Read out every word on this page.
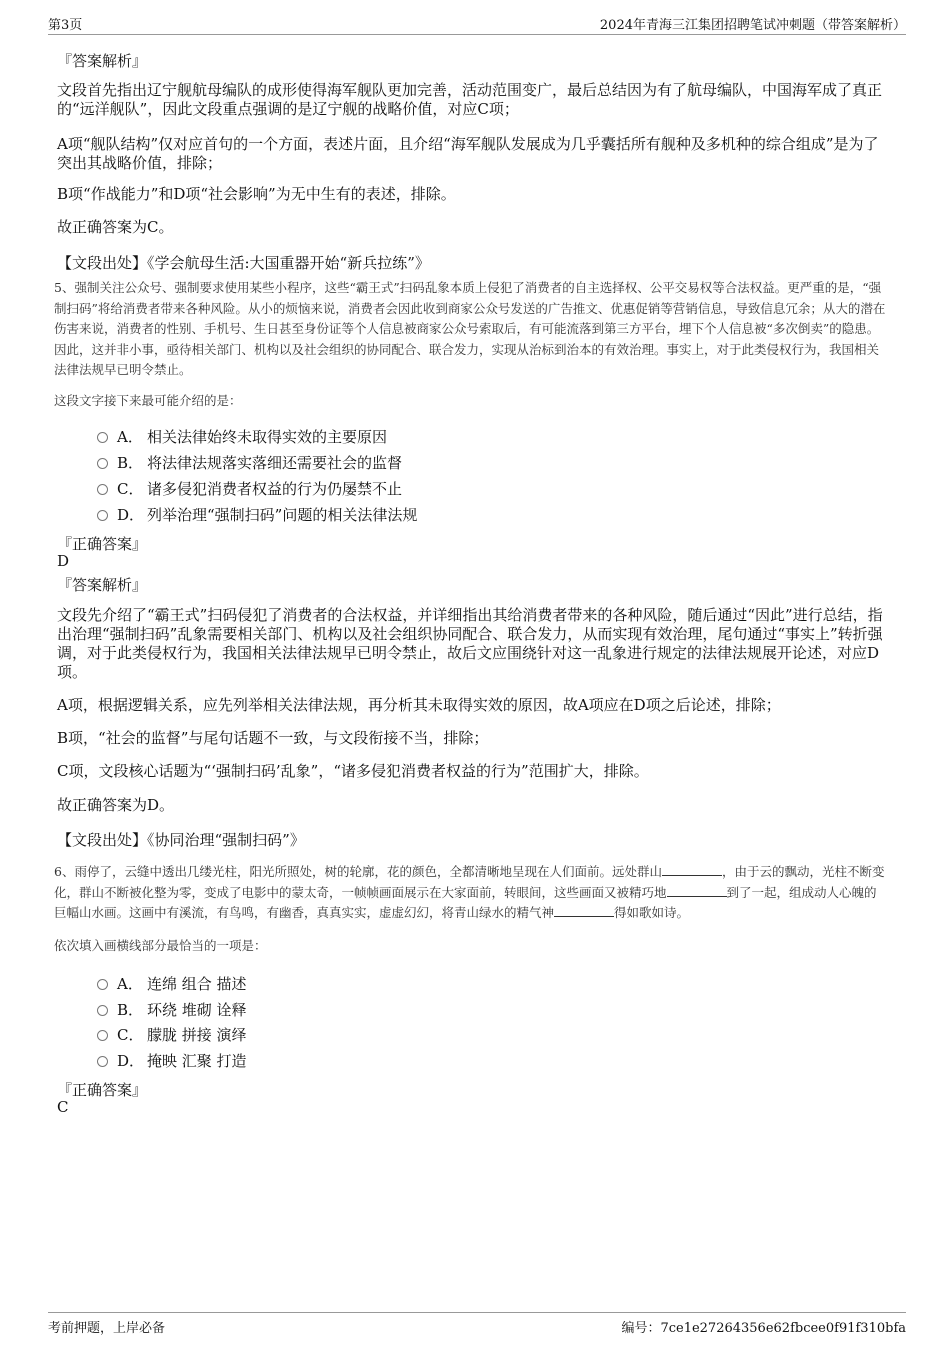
第3页	2024年青海三江集团招聘笔试冲刺题（带答案解析）
『答案解析』
文段首先指出辽宁舰航母编队的成形使得海军舰队更加完善，活动范围变广，最后总结因为有了航母编队，中国海军成了真正的“远洋舰队”，因此文段重点强调的是辽宁舰的战略价值，对应C项；
A项“舰队结构”仅对应首句的一个方面，表述片面，且介绍“海军舰队发展成为几乎囊括所有舰种及多机种的综合组成”是为了突出其战略价值，排除；
B项“作战能力”和D项“社会影响”为无中生有的表述，排除。
故正确答案为C。
【文段出处】《学会航母生活:大国重器开始“新兵拉练”》
5、强制关注公众号、强制要求使用某些小程序，这些“霸王式”扫码乱象本质上侵犯了消费者的自主选择权、公平交易权等合法权益。更严重的是，“强制扫码”将给消费者带来各种风险。从小的烦恼来说，消费者会因此收到商家公众号发送的广告推文、优惠促销等营销信息，导致信息冗余；从大的潜在伤害来说，消费者的性别、手机号、生日甚至身份证等个人信息被商家公众号索取后，有可能流落到第三方平台，埋下个人信息被“多次倒卖”的隐患。因此，这并非小事，亟待相关部门、机构以及社会组织的协同配合、联合发力，实现从治标到治本的有效治理。事实上，对于此类侵权行为，我国相关法律法规早已明令禁止。
这段文字接下来最可能介绍的是：
A． 相关法律始终未取得实效的主要原因
B． 将法律法规落实落细还需要社会的监督
C． 诸多侵犯消费者权益的行为仍屡禁不止
D． 列举治理“强制扫码”问题的相关法律法规
『正确答案』
D
『答案解析』
文段先介绍了“霸王式”扫码侵犯了消费者的合法权益，并详细指出其给消费者带来的各种风险，随后通过“因此”进行总结，指出治理“强制扫码”乱象需要相关部门、机构以及社会组织协同配合、联合发力，从而实现有效治理，尾句通过“事实上”转折强调，对于此类侵权行为，我国相关法律法规早已明令禁止，故后文应围绕针对这一乱象进行规定的法律法规展开论述，对应D项。
A项，根据逻辑关系，应先列举相关法律法规，再分析其未取得实效的原因，故A项应在D项之后论述，排除；
B项，“社会的监督”与尾句话题不一致，与文段衔接不当，排除；
C项，文段核心话题为“‘强制扫码’乱象”，“诸多侵犯消费者权益的行为”范围扩大，排除。
故正确答案为D。
【文段出处】《协同治理“强制扫码”》
6、雨停了，云缝中透出几缕光柱，阳光所照处，树的轮廓，花的颜色，全都清晰地呈现在人们面前。远处群山	，由于云的飘动，光柱不断变化，群山不断被化整为零，变成了电影中的蒙太奇，一帧帧画面展示在大家面前，转眼间，这些画面又被精巧地	到了一起，组成动人心魄的巨幅山水画。这画中有溪流，有鸟鸣，有幽香，真真实实，虚虚幻幻，将青山绿水的精气神	得如歌如诗。
依次填入画横线部分最恰当的一项是：
A． 连绵 组合 描述
B． 环绕 堆砌 诠释
C． 朦胧 拼接 演绎
D． 掩映 汇聚 打造
『正确答案』
C
考前押题，上岸必备	编号：7ce1e27264356e62fbcee0f91f310bfa
